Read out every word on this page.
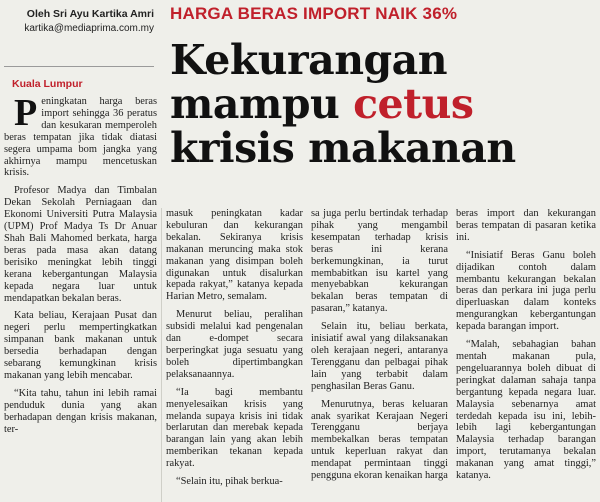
Oleh Sri Ayu Kartika Amri
kartika@mediaprima.com.my
Kuala Lumpur
HARGA BERAS IMPORT NAIK 36%
Kekurangan
mampu cetus
krisis makanan

Peningkatan harga beras import sehingga 36 peratus dan kesukaran memperoleh beras tempatan jika tidak diatasi segera umpama bom jangka yang akhirnya mampu mencetuskan krisis.

Profesor Madya dan Timbalan Dekan Sekolah Perniagaan dan Ekonomi Universiti Putra Malaysia (UPM) Prof Madya Ts Dr Anuar Shah Bali Mahomed berkata, harga beras pada masa akan datang berisiko meningkat lebih tinggi kerana kebergantungan Malaysia kepada negara luar untuk mendapatkan bekalan beras.

Kata beliau, Kerajaan Pusat dan negeri perlu mempertingkatkan simpanan bank makanan untuk bersedia berhadapan dengan sebarang kemungkinan krisis makanan yang lebih mencabar.

“Kita tahu, tahun ini lebih ramai penduduk dunia yang akan berhadapan dengan krisis makanan, ter-

masuk peningkatan kadar kebuluran dan kekurangan bekalan. Sekiranya krisis makanan meruncing maka stok makanan yang disimpan boleh digunakan untuk disalurkan kepada rakyat,” katanya kepada Harian Metro, semalam.

Menurut beliau, peralihan subsidi melalui kad pengenalan dan e-dompet secara berperingkat juga sesuatu yang boleh dipertimbangkan pelaksanaannya.

“Ia bagi membantu menyelesaikan krisis yang melanda supaya krisis ini tidak berlarutan dan merebak kepada barangan lain yang akan lebih memberikan tekanan kepada rakyat.

“Selain itu, pihak berkua-

sa juga perlu bertindak terhadap pihak yang mengambil kesempatan terhadap krisis beras ini kerana berkemungkinan, ia turut membabitkan isu kartel yang menyebabkan kekurangan bekalan beras tempatan di pasaran,” katanya.

Selain itu, beliau berkata, inisiatif awal yang dilaksanakan oleh kerajaan negeri, antaranya Terengganu dan pelbagai pihak lain yang terbabit dalam penghasilan Beras Ganu.

Menurutnya, beras keluaran anak syarikat Kerajaan Negeri Terengganu berjaya membekalkan beras tempatan untuk keperluan rakyat dan mendapat permintaan tinggi pengguna ekoran kenaikan harga

beras import dan kekurangan beras tempatan di pasaran ketika ini.

“Inisiatif Beras Ganu boleh dijadikan contoh dalam membantu kekurangan bekalan beras dan perkara ini juga perlu diperluaskan dalam konteks mengurangkan kebergantungan kepada barangan import.

“Malah, sebahagian bahan mentah makanan pula, pengeluarannya boleh dibuat di peringkat dalaman sahaja tanpa bergantung kepada negara luar. Malaysia sebenarnya amat terdedah kepada isu ini, lebih-lebih lagi kebergantungan Malaysia terhadap barangan import, terutamanya bekalan makanan yang amat tinggi,” katanya.
